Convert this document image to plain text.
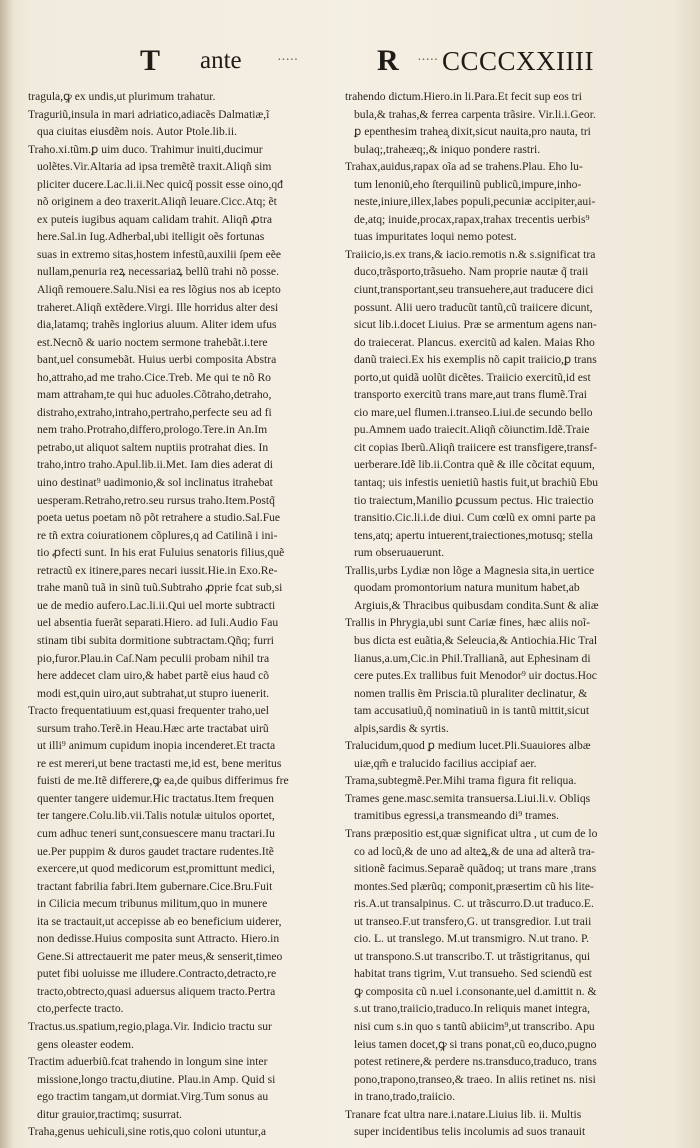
T ante	· · · · ·	R · · · · · CCCCXXIIII
tragula,ꝙ ex undis,ut plurimum trahatur.
Traguriũ,insula in mari adriatico,adiacẽs Dalmatiæ,ĩ
qua ciuitas eiusdẽm nois. Autor Ptole.lib.ii.
Traho.xi.tũm.ꝑ uim duco. Trahimur inuiti,ducimur
uolẽtes.Vir.Altaria ad ipsa tremẽtẽ traxit.Aliqñ sim
pliciter ducere.Lac.li.ii.Nec quicq̃ possit esse oino,qđ
nõ originem a deo traxerit.Aliqñ leuare.Cicc.Atq; ẽt
ex puteis iugibus aquam calidam trahit. Aliqñ ꝓtra
here.Sal.in Iug.Adherbal,ubi itelligit oẽs fortunas
suas in extremo sitas,hostem infestũ,auxilii ſpem eẽe
nullam,penuria reꝝ necessariaꝝ bellũ trahi nõ posse.
Aliqñ remouere.Salu.Nisi ea res lõgius nos ab icepto
traheret.Aliqñ extẽdere.Virgi. Ille horridus alter desi
dia,latamq; trahẽs inglorius aluum. Aliter idem ufus
est.Necnõ & uario noctem sermone trahebãt.i.tere
bant,uel consumebãt. Huius uerbi composita Abstra
ho,attraho,ad me traho.Cice.Treb. Me qui te nõ Ro
mam attraham,te qui huc aduoles.Cõtraho,detraho,
distraho,extraho,intraho,pertraho,perfecte seu ad fi
nem traho.Protraho,differo,prologo.Tere.in An.Im
petrabo,ut aliquot saltem nuptiis protrahat dies. In
traho,intro traho.Apul.lib.ii.Met. Iam dies aderat di
uino destinat⁹ uadimonio,& sol inclinatus itrahebat
uesperam.Retraho,retro.seu rursus traho.Item.Postq̃
poeta uetus poetam nõ põt retrahere a studio.Sal.Fue
re tñ extra coiurationem cõplures,q ad Catilinã i ini-
tio ꝓfecti sunt. In his erat Fuluius senatoris filius,quẽ
retractũ ex itinere,pares necari iussit.Hie.in Exo.Re-
trahe manũ tuã in sinũ tuũ.Subtraho ꝓprie fcat sub,si
ue de medio aufero.Lac.li.ii.Qui uel morte subtracti
uel absentia fuerãt separati.Hiero. ad Iuli.Audio Fau
stinam tibi subita dormitione subtractam.Qñq; furri
pio,furor.Plau.in Caſ.Nam peculii probam nihil tra
here addecet clam uiro,& habet partẽ eius haud cõ
modi est,quin uiro,aut subtrahat,ut stupro iuenerit.
Tracto frequentatiuum est,quasi frequenter traho,uel
sursum traho.Terẽ.in Heau.Hæc arte tractabat uirũ
ut illi⁹ animum cupidum inopia incenderet.Et tracta
re est mereri,ut bene tractasti me,id est, bene meritus
fuisti de me.Itẽ differere,ꝙ ea,de quibus differimus fre
quenter tangere uidemur.Hic tractatus.Item frequen
ter tangere.Colu.lib.vii.Talis notulæ uitulos oportet,
cum adhuc teneri sunt,consuescere manu tractari.Iu
ue.Per puppim & duros gaudet tractare rudentes.Itẽ
exercere,ut quod medicorum est,promittunt medici,
tractant fabrilia fabri.Item gubernare.Cice.Bru.Fuit
in Cilicia mecum tribunus militum,quo in munere
ita se tractauit,ut accepisse ab eo beneficium uiderer,
non dedisse.Huius composita sunt Attracto. Hiero.in
Gene.Si attrectauerit me pater meus,& senserit,timeo
putet fibi uoluisse me illudere.Contracto,detracto,re
tracto,obtrecto,quasi aduersus aliquem tracto.Pertra
cto,perfecte tracto.
Tractus.us.spatium,regio,plaga.Vir. Indicio tractu sur
gens oleaster eodem.
Tractim aduerbiũ.fcat trahendo in longum sine inter
missione,longo tractu,diutine. Plau.in Amp. Quid si
ego tractim tangam,ut dormiat.Virg.Tum sonus au
ditur grauior,tractimq; susurrat.
Traha,genus uehiculi,sine rotis,quo coloni utuntur,a
trahendo dictum.Hiero.in li.Para.Et fecit sup eos tri
bula,& trahas,& ferrea carpenta trãsire. Vir.li.i.Geor.
ꝑ epenthesim trahea̧ dixit,sicut nauita,pro nauta, tri
bulaq;,traheæq;,& iniquo pondere rastri.
Trahax,auidus,rapax oĩa ad se trahens.Plau. Eho lu-
tum lenoniũ,eho ſterquilinũ publicũ,impure,inho-
neste,iniure,illex,labes populi,pecuniæ accipiter,aui-
de,atq; inuide,procax,rapax,trahax trecentis uerbis⁹
tuas impuritates loqui nemo potest.
Traiicio,is.ex trans,& iacio.remotis n.& s.significat tra
duco,trãsporto,trãsueho. Nam proprie nautæ q̃ traii
ciunt,transportant,seu transuehere,aut traducere dici
possunt. Alii uero traducũt tantũ,cũ traiicere dicunt,
sicut lib.i.docet Liuius. Præ se armentum agens nan-
do traiecerat. Plancus. exercitũ ad kalen. Maias Rho
danũ traieci.Ex his exemplis nõ capit traiicio,ꝑ trans
porto,ut quidã uolũt dicẽtes. Traiicio exercitũ,id est
transporto exercitũ trans mare,aut trans flumẽ.Trai
cio mare,uel flumen.i.transeo.Liui.de secundo bello
pu.Amnem uado traiecit.Aliqñ cõiunctim.Idẽ.Traie
cit copias Iberũ.Aliqñ traiicere est transfigere,transf-
uerberare.Idẽ lib.ii.Contra quẽ & ille cõcitat equum,
tantaq; uis infestis uenietiũ hastis fuit,ut brachiũ Ebu
tio traiectum,Manilio ꝑcussum pectus. Hic traiectio
transitio.Cic.li.i.de diui. Cum cœlũ ex omni parte pa
tens,atq; apertu intuerent,traiectiones,motusq; stella
rum obseruauerunt.
Trallis,urbs Lydiæ non lõge a Magnesia sita,in uertice
quodam promontorium natura munitum habet,ab
Argiuis,& Thracibus quibusdam condita.Sunt & aliæ
Trallis in Phrygia,ubi sunt Cariæ fines, hæc aliis noĩ-
bus dicta est euãtia,& Seleucia,& Antiochia.Hic Tral
lianus,a.um,Cic.in Phil.Trallianã, aut Ephesinam di
cere putes.Ex trallibus fuit Menodor⁹ uir doctus.Hoc
nomen trallis ẽm Priscia.tũ pluraliter declinatur, &
tam accusatiuũ,q̃ nominatiuũ in is tantũ mittit,sicut
alpis,sardis & syrtis.
Tralucidum,quod ꝑ medium lucet.Pli.Suauiores albæ
uiæ,qm̃ e tralucido facilius accipiaf aer.
Trama,subtegmẽ.Per.Mihi trama figura fit reliqua.
Trames gene.masc.semita transuersa.Liui.li.v. Obliqs
tramitibus egressi,a transmeando di⁹ trames.
Trans præpositio est,quæ significat ultra , ut cum de lo
co ad locũ,& de uno ad alteꝝ,& de una ad alterã tra-
sitionẽ facimus.Separaẽ quãdoq; ut trans mare ,trans
montes.Sed plærũq; componit,præsertim cũ his lite-
ris.A.ut transalpinus. C. ut trãscurro.D.ut traduco.E.
ut transeo.F.ut transfero,G. ut transgredior. I.ut traii
cio. L. ut translego. M.ut transmigro. N.ut trano. P.
ut transpono.S.ut transcribo.T. ut trãstigritanus, qui
habitat trans tigrim, V.ut transueho. Sed sciendũ est
ꝙ composita cũ n.uel i.consonante,uel d.amittit n. &
s.ut trano,traiicio,traduco.In reliquis manet integra,
nisi cum s.in quo s tantũ abiicim⁹,ut transcribo. Apu
leius tamen docet,ꝙ si trans ponat,cũ eo,duco,pugno
potest retinere,& perdere ns.transduco,traduco, trans
pono,trapono,transeo,& traeo. In aliis retinet ns. nisi
in trano,trado,traiicio.
Tranare fcat ultra nare.i.natare.Liuius lib. ii. Multis
super incidentibus telis incolumis ad suos tranauit
